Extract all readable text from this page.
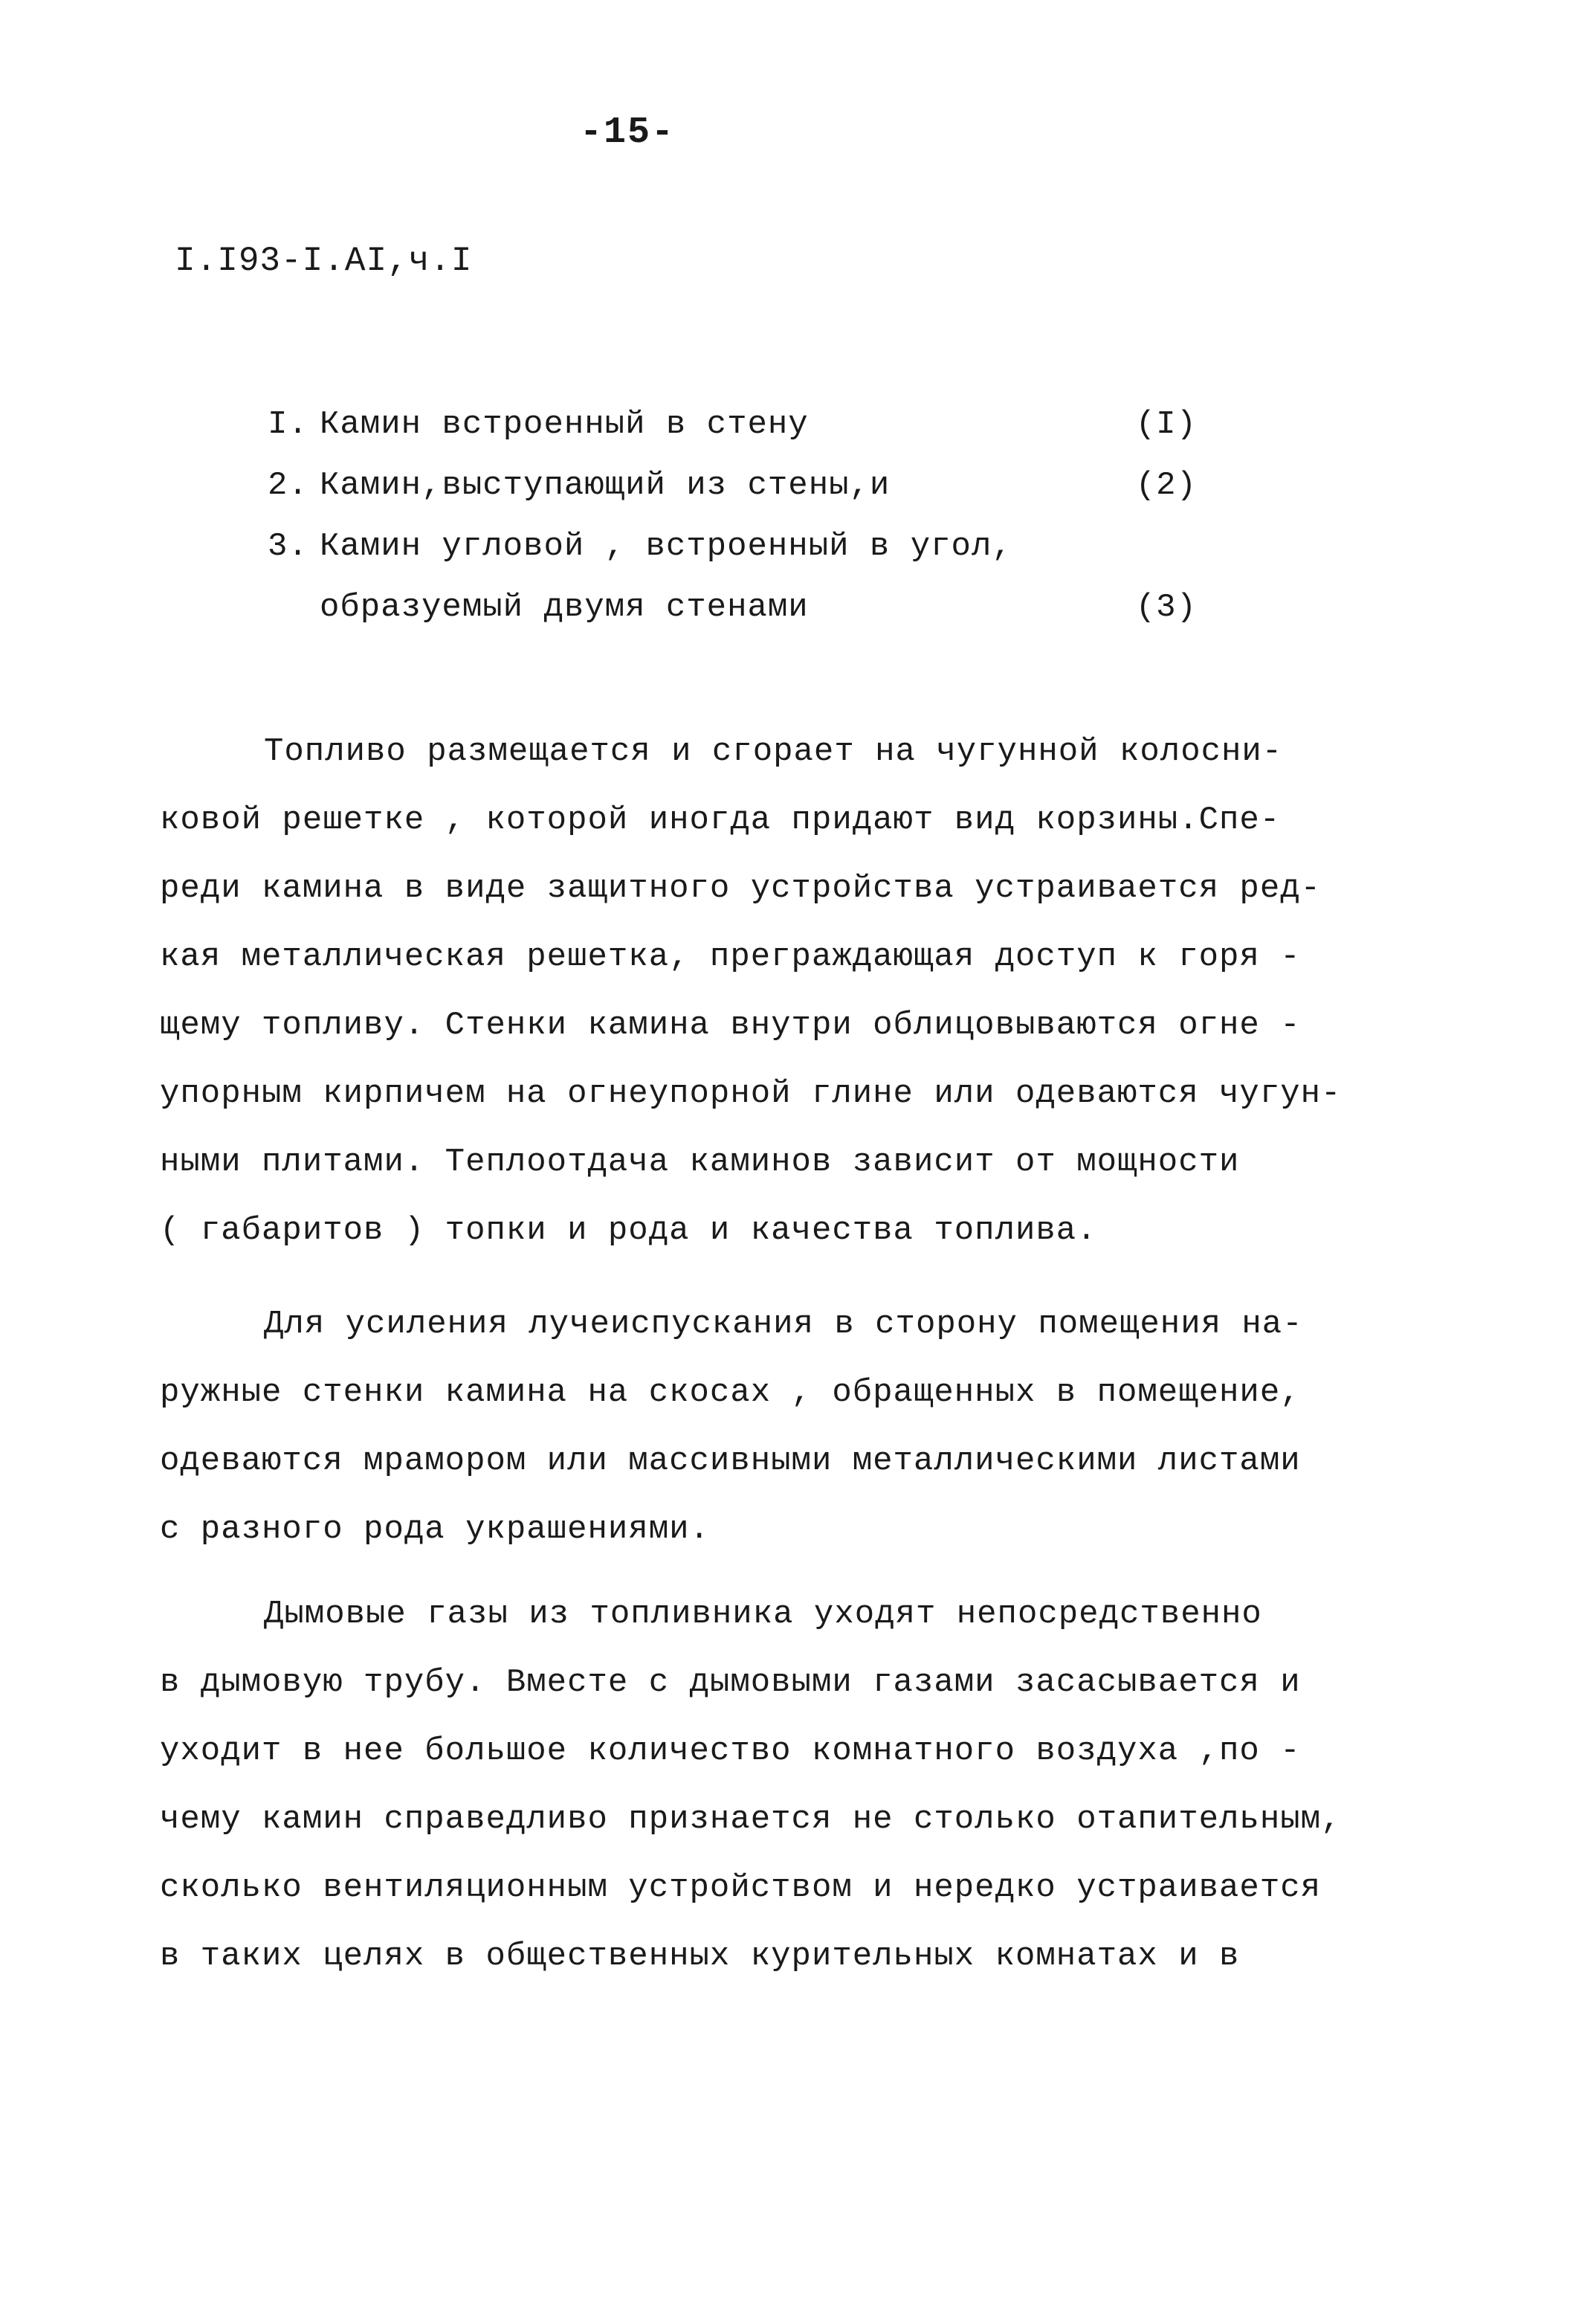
-15-
I.I93-I.AI,ч.I
I. Камин встроенный в стену	(I)
2. Камин,выступающий из стены,и	(2)
3. Камин угловой , встроенный в угол,
образуемый двумя стенами	(3)
Топливо размещается и сгорает на чугунной колосни-
ковой решетке , которой иногда придают вид корзины.Спе-
реди камина в виде защитного устройства устраивается ред-
кая металлическая решетка, преграждающая доступ к горя -
щему топливу. Стенки камина внутри облицовываются огне -
упорным кирпичем на огнеупорной глине или одеваются чугун-
ными плитами. Теплоотдача каминов зависит от мощности
( габаритов ) топки и рода и качества топлива.
Для усиления лучеиспускания в сторону помещения на-
ружные стенки камина на скосах , обращенных в помещение,
одеваются мрамором или массивными металлическими листами
с разного рода украшениями.
Дымовые газы из топливника уходят непосредственно
в дымовую трубу. Вместе с дымовыми газами засасывается и
уходит в нее большое количество комнатного воздуха ,по -
чему камин справедливо признается не столько отапительным,
сколько вентиляционным устройством и нередко устраивается
в таких целях в общественных курительных комнатах и в
